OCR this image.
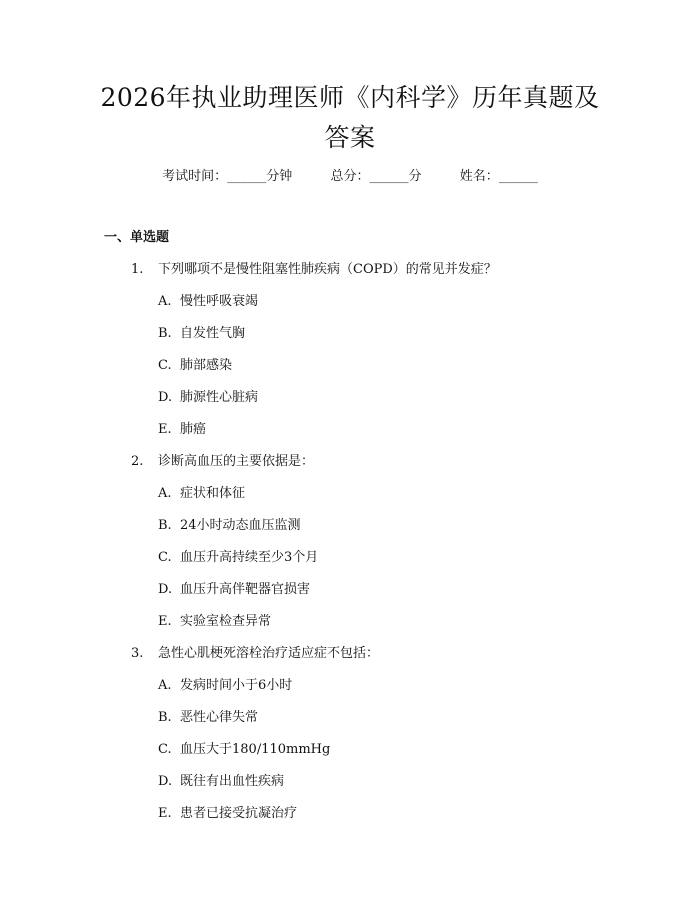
2026年执业助理医师《内科学》历年真题及
答案
考试时间：______分钟	总分：______分	姓名：______
一、单选题
1. 下列哪项不是慢性阻塞性肺疾病（COPD）的常见并发症？
A. 慢性呼吸衰竭
B. 自发性气胸
C. 肺部感染
D. 肺源性心脏病
E. 肺癌
2. 诊断高血压的主要依据是：
A. 症状和体征
B. 24小时动态血压监测
C. 血压升高持续至少3个月
D. 血压升高伴靶器官损害
E. 实验室检查异常
3. 急性心肌梗死溶栓治疗适应症不包括：
A. 发病时间小于6小时
B. 恶性心律失常
C. 血压大于180/110mmHg
D. 既往有出血性疾病
E. 患者已接受抗凝治疗
